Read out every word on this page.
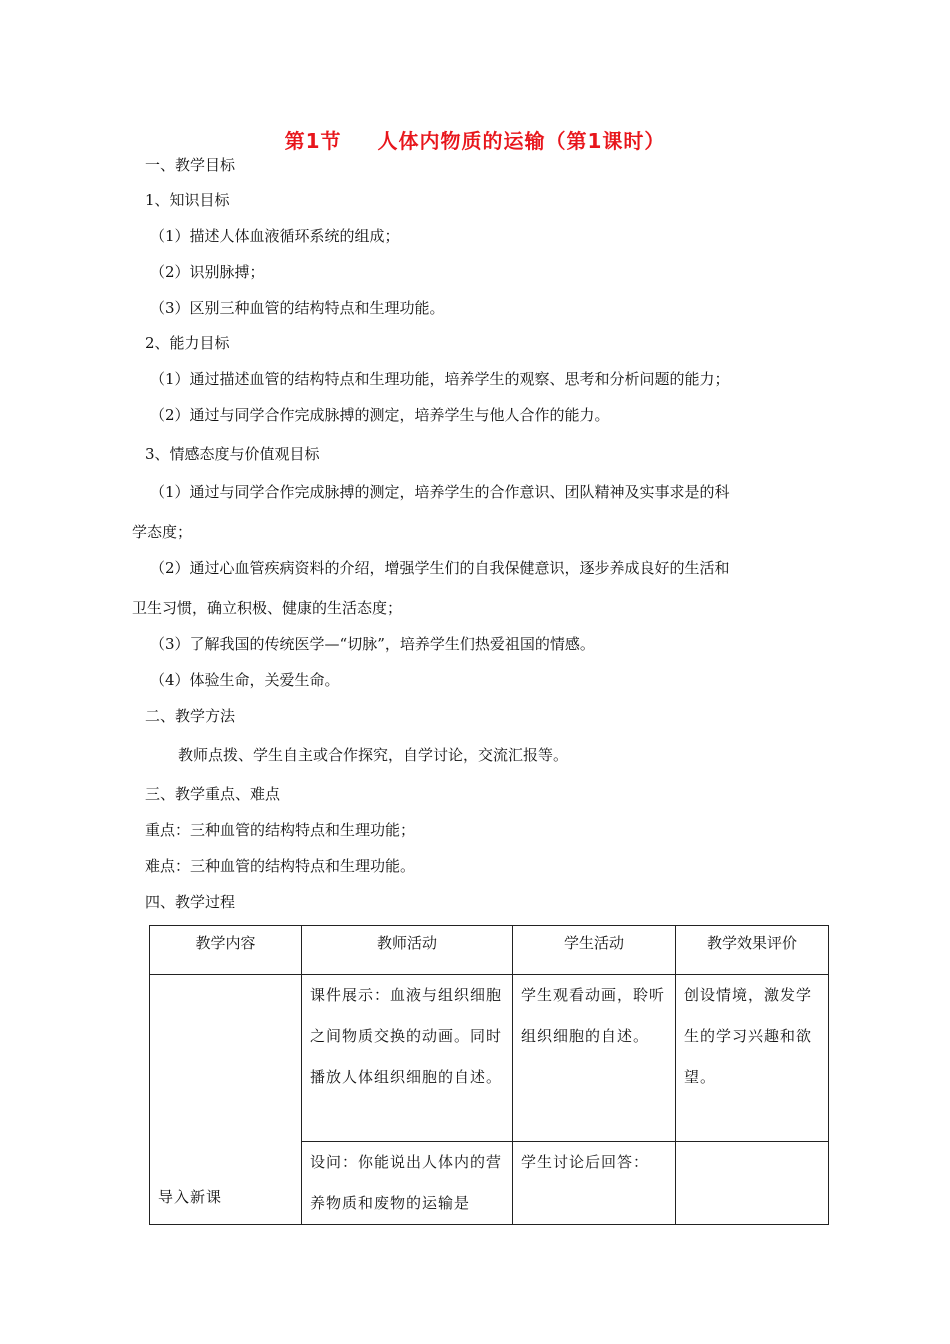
第1节 人体内物质的运输（第1课时）
一、教学目标
1、知识目标
（1）描述人体血液循环系统的组成；
（2）识别脉搏；
（3）区别三种血管的结构特点和生理功能。
2、能力目标
（1）通过描述血管的结构特点和生理功能，培养学生的观察、思考和分析问题的能力；
（2）通过与同学合作完成脉搏的测定，培养学生与他人合作的能力。
3、情感态度与价值观目标
（1）通过与同学合作完成脉搏的测定，培养学生的合作意识、团队精神及实事求是的科
学态度；
（2）通过心血管疾病资料的介绍，增强学生们的自我保健意识，逐步养成良好的生活和
卫生习惯，确立积极、健康的生活态度；
（3）了解我国的传统医学—“切脉”，培养学生们热爱祖国的情感。
（4）体验生命，关爱生命。
二、教学方法
教师点拨、学生自主或合作探究，自学讨论，交流汇报等。
三、教学重点、难点
重点：三种血管的结构特点和生理功能；
难点：三种血管的结构特点和生理功能。
四、教学过程
教学内容	教师活动	学生活动	教学效果评价

导入新课	课件展示：血液与组织细胞之间物质交换的动画。同时播放人体组织细胞的自述。	学生观看动画，聆听组织细胞的自述。	创设情境，激发学生的学习兴趣和欲望。

	设问：你能说出人体内的营养物质和废物的运输是	学生讨论后回答：	
